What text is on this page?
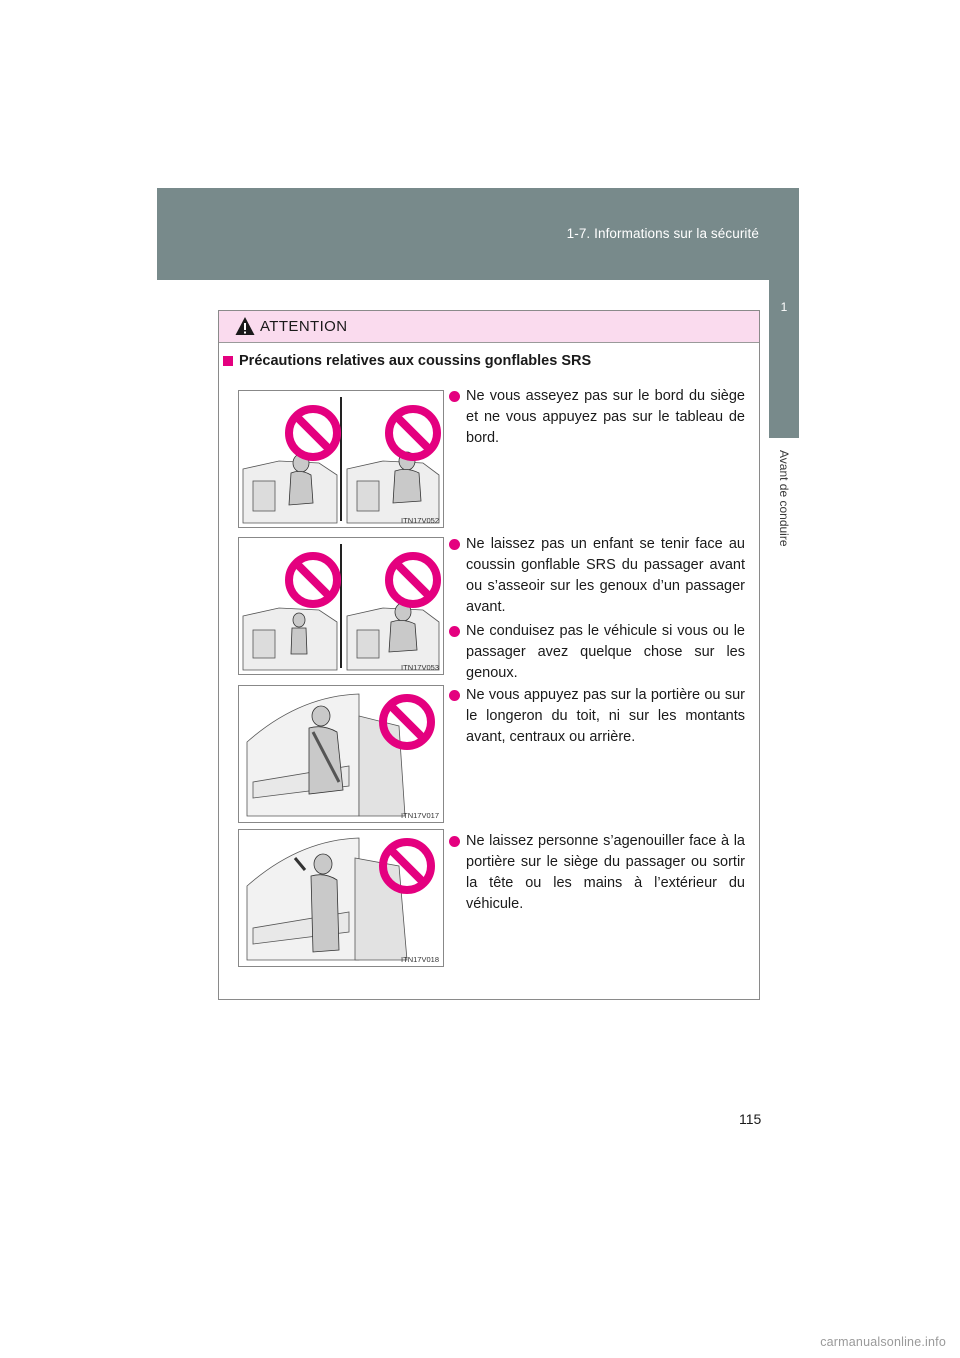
1-7. Informations sur la sécurité
1
Avant de conduire
ATTENTION
Précautions relatives aux coussins gonflables SRS
ITN17V052
ITN17V053
ITN17V017
ITN17V018
Ne vous asseyez pas sur le bord du siège et ne vous appuyez pas sur le tableau de bord.
Ne laissez pas un enfant se tenir face au coussin gonflable SRS du passager avant ou s’asseoir sur les genoux d’un passager avant.
Ne conduisez pas le véhicule si vous ou le passager avez quelque chose sur les genoux.
Ne vous appuyez pas sur la portière ou sur le longeron du toit, ni sur les montants avant, centraux ou arrière.
Ne laissez personne s’agenouiller face à la portière sur le siège du passager ou sortir la tête ou les mains à l’extérieur du véhicule.
115
carmanualsonline.info
